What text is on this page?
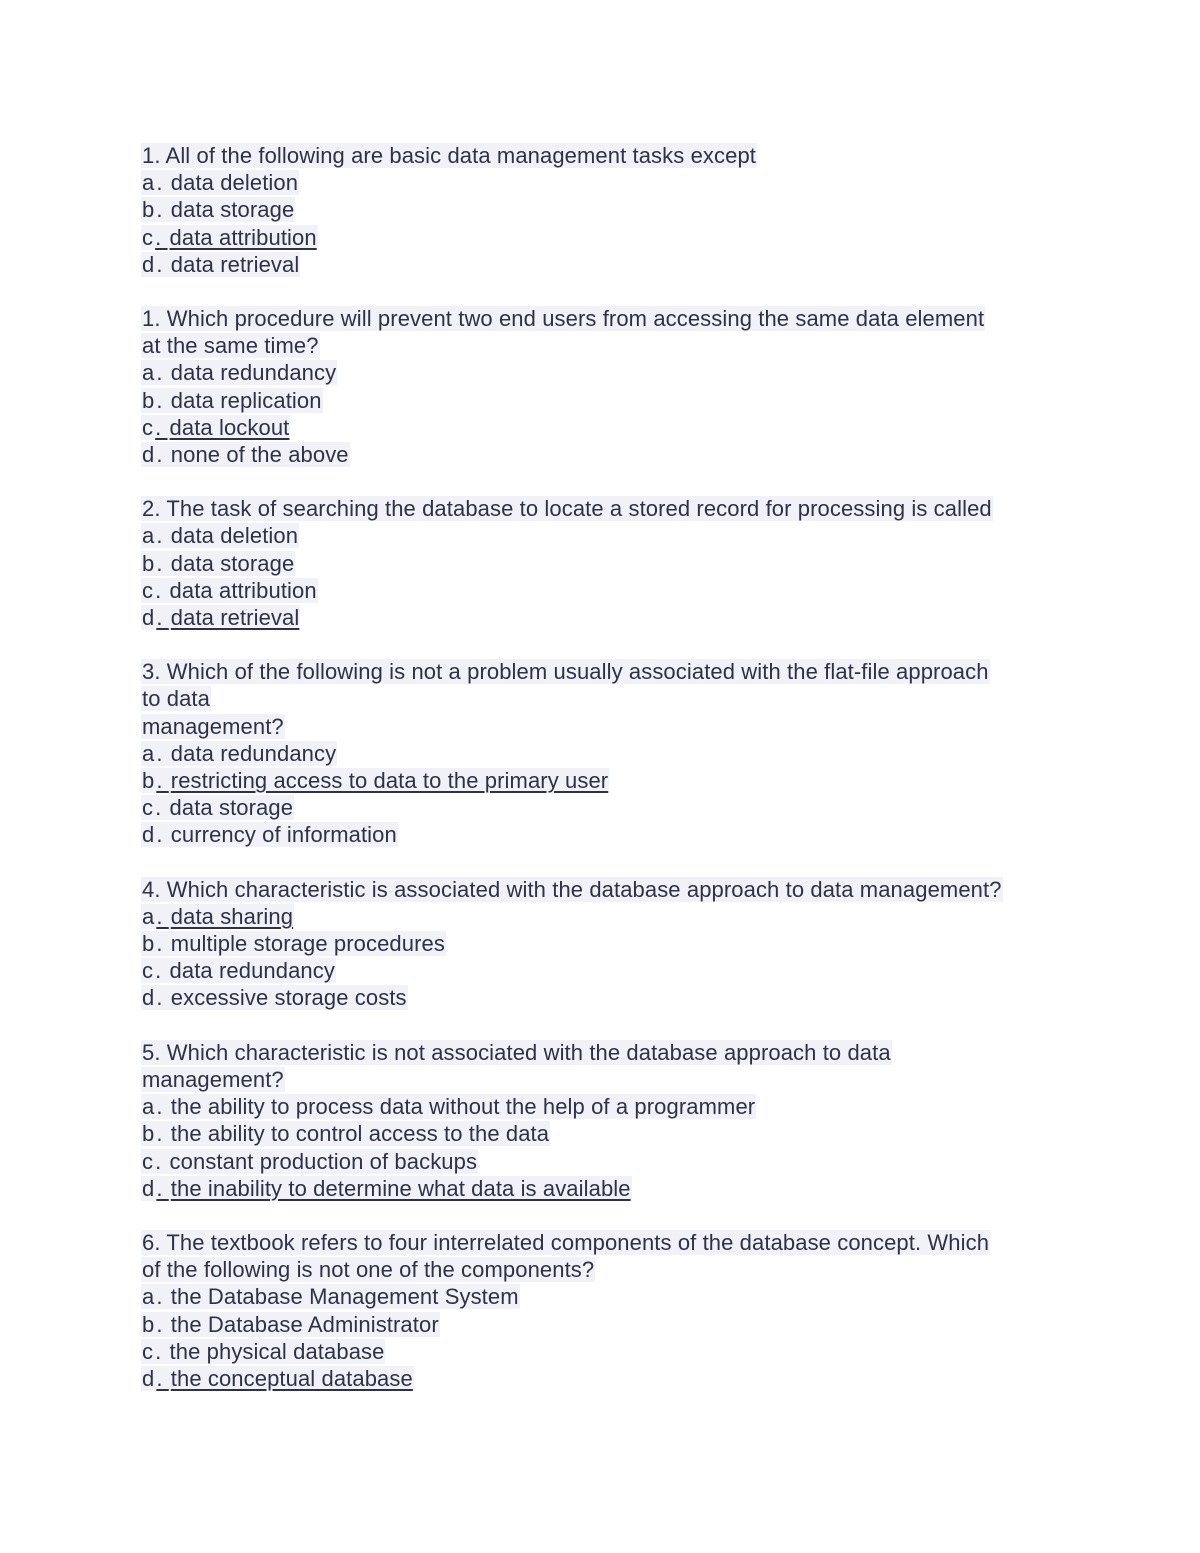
1. All of the following are basic data management tasks except
a. data deletion
b. data storage
c. data attribution
d. data retrieval
1. Which procedure will prevent two end users from accessing the same data element
at the same time?
a. data redundancy
b. data replication
c. data lockout
d. none of the above
2. The task of searching the database to locate a stored record for processing is called
a. data deletion
b. data storage
c. data attribution
d. data retrieval
3. Which of the following is not a problem usually associated with the flat-file approach
to data
management?
a. data redundancy
b. restricting access to data to the primary user
c. data storage
d. currency of information
4. Which characteristic is associated with the database approach to data management?
a. data sharing
b. multiple storage procedures
c. data redundancy
d. excessive storage costs
5. Which characteristic is not associated with the database approach to data
management?
a. the ability to process data without the help of a programmer
b. the ability to control access to the data
c. constant production of backups
d. the inability to determine what data is available
6. The textbook refers to four interrelated components of the database concept. Which
of the following is not one of the components?
a. the Database Management System
b. the Database Administrator
c. the physical database
d. the conceptual database
